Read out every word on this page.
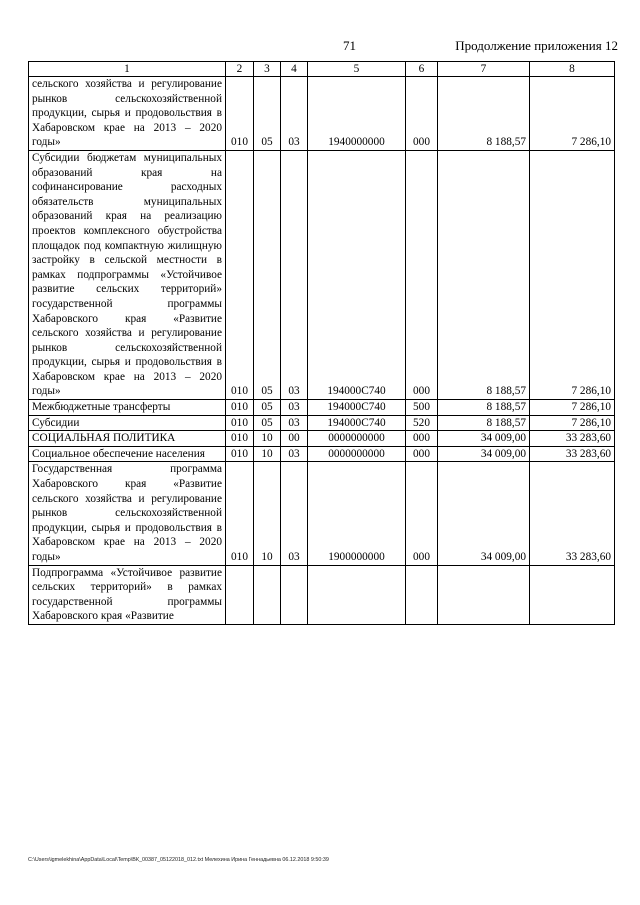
71	Продолжение приложения 12
1	2	3	4	5	6	7	8
сельского хозяйства и регулирование рынков сельскохозяйственной продукции, сырья и продовольствия в Хабаровском крае на 2013 – 2020 годы»	010	05	03	1940000000	000	8 188,57	7 286,10
Субсидии бюджетам муниципальных образований края на софинансирование расходных обязательств муниципальных образований края на реализацию проектов комплексного обустройства площадок под компактную жилищную застройку в сельской местности в рамках подпрограммы «Устойчивое развитие сельских территорий» государственной программы Хабаровского края «Развитие сельского хозяйства и регулирование рынков сельскохозяйственной продукции, сырья и продовольствия в Хабаровском крае на 2013 – 2020 годы»	010	05	03	194000С740	000	8 188,57	7 286,10
Межбюджетные трансферты	010	05	03	194000С740	500	8 188,57	7 286,10
Субсидии	010	05	03	194000С740	520	8 188,57	7 286,10
СОЦИАЛЬНАЯ ПОЛИТИКА	010	10	00	0000000000	000	34 009,00	33 283,60
Социальное обеспечение населения	010	10	03	0000000000	000	34 009,00	33 283,60
Государственная программа Хабаровского края «Развитие сельского хозяйства и регулирование рынков сельскохозяйственной продукции, сырья и продовольствия в Хабаровском крае на 2013 – 2020 годы»	010	10	03	1900000000	000	34 009,00	33 283,60
Подпрограмма «Устойчивое развитие сельских территорий» в рамках государственной программы Хабаровского края «Развитие							
C:\Users\igmelekhina\AppData\Local\Temp\ВК_00387_05122018_012.txt Мелехина Ирина Геннадьевна 06.12.2018 9:50:39
